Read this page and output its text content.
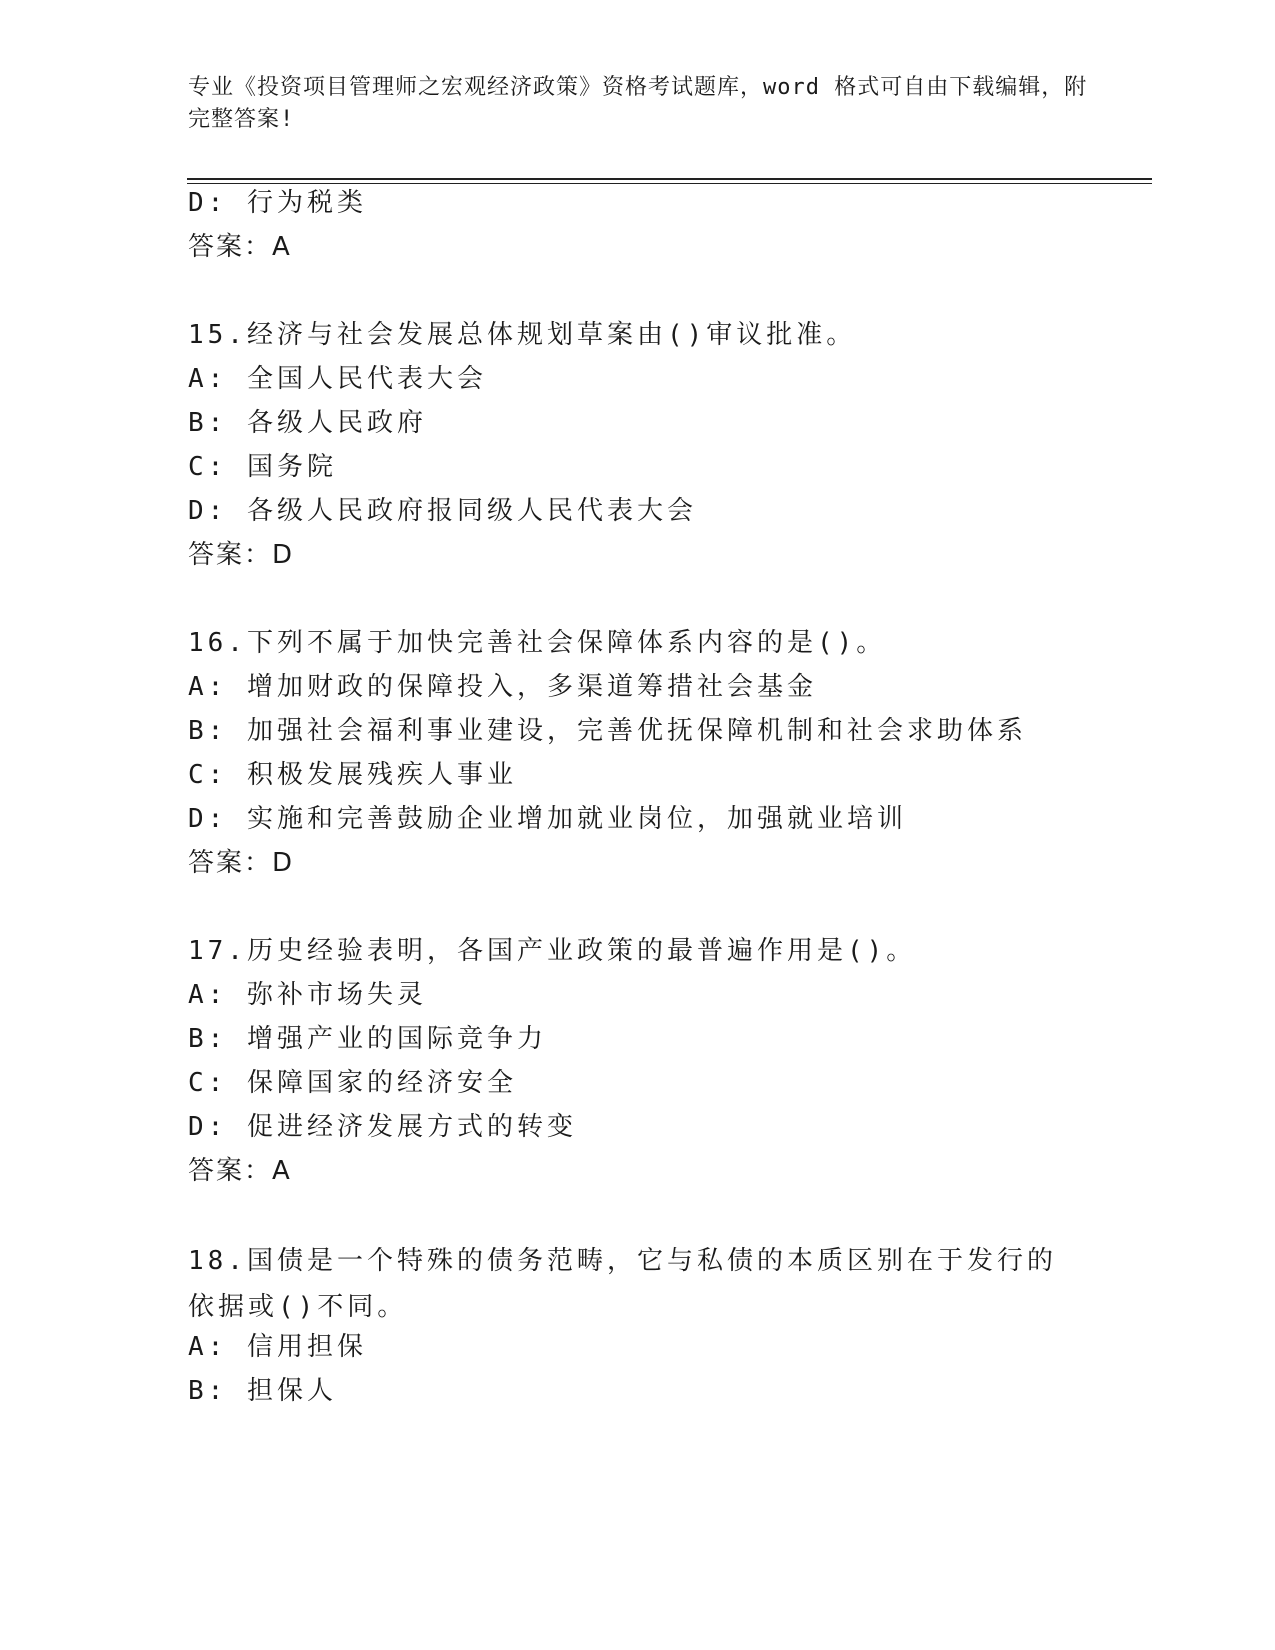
专业《投资项目管理师之宏观经济政策》资格考试题库，word 格式可自由下载编辑，附完整答案!
D: 行为税类
答案：A
15.经济与社会发展总体规划草案由()审议批准。
A: 全国人民代表大会
B: 各级人民政府
C: 国务院
D: 各级人民政府报同级人民代表大会
答案：D
16.下列不属于加快完善社会保障体系内容的是()。
A: 增加财政的保障投入，多渠道筹措社会基金
B: 加强社会福利事业建设，完善优抚保障机制和社会求助体系
C: 积极发展残疾人事业
D: 实施和完善鼓励企业增加就业岗位，加强就业培训
答案：D
17.历史经验表明，各国产业政策的最普遍作用是()。
A: 弥补市场失灵
B: 增强产业的国际竞争力
C: 保障国家的经济安全
D: 促进经济发展方式的转变
答案：A
18.国债是一个特殊的债务范畴，它与私债的本质区别在于发行的依据或()不同。
A: 信用担保
B: 担保人
